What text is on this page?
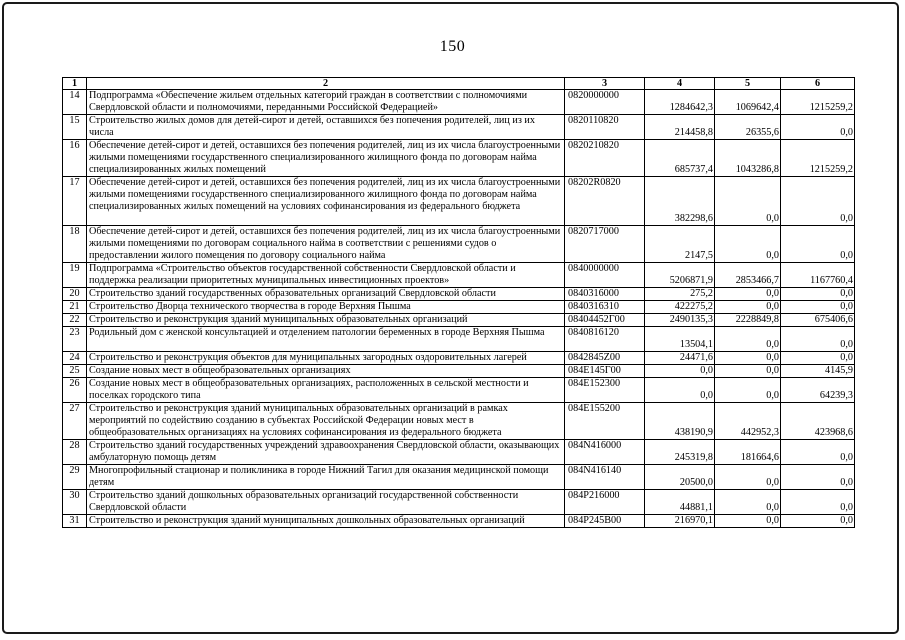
150
1	2	3	4	5	6
14	Подпрограмма «Обеспечение жильем отдельных категорий граждан в соответствии с полномочиями Свердловской области и полномочиями, переданными Российской Федерацией»	0820000000	1284642,3	1069642,4	1215259,2
15	Строительство жилых домов для детей-сирот и детей, оставшихся без попечения родителей, лиц из их числа	0820110820	214458,8	26355,6	0,0
16	Обеспечение детей-сирот и детей, оставшихся без попечения родителей, лиц из их числа благоустроенными жилыми помещениями государственного специализированного жилищного фонда по договорам найма специализированных жилых помещений	0820210820	685737,4	1043286,8	1215259,2
17	Обеспечение детей-сирот и детей, оставшихся без попечения родителей, лиц из их числа благоустроенными жилыми помещениями государственного специализированного жилищного фонда по договорам найма специализированных жилых помещений на условиях софинансирования из федерального бюджета	08202R0820	382298,6	0,0	0,0
18	Обеспечение детей-сирот и детей, оставшихся без попечения родителей, лиц из их числа благоустроенными жилыми помещениями по договорам социального найма в соответствии с решениями судов о предоставлении жилого помещения по договору социального найма	0820717000	2147,5	0,0	0,0
19	Подпрограмма «Строительство объектов государственной собственности Свердловской области и поддержка реализации приоритетных муниципальных инвестиционных проектов»	0840000000	5206871,9	2853466,7	1167760,4
20	Строительство зданий государственных образовательных организаций Свердловской области	0840316000	275,2	0,0	0,0
21	Строительство Дворца технического творчества в городе Верхняя Пышма	0840316310	422275,2	0,0	0,0
22	Строительство и реконструкция зданий муниципальных образовательных организаций	08404452Г00	2490135,3	2228849,8	675406,6
23	Родильный дом с женской консультацией и отделением патологии беременных в городе Верхняя Пышма	0840816120	13504,1	0,0	0,0
24	Строительство и реконструкция объектов для муниципальных загородных оздоровительных лагерей	0842845Z00	24471,6	0,0	0,0
25	Создание новых мест в общеобразовательных организациях	084E145Г00	0,0	0,0	4145,9
26	Создание новых мест в общеобразовательных организациях, расположенных в сельской местности и поселках городского типа	084E152300	0,0	0,0	64239,3
27	Строительство и реконструкция зданий муниципальных образовательных организаций в рамках мероприятий по содействию созданию в субъектах Российской Федерации новых мест в общеобразовательных организациях на условиях софинансирования из федерального бюджета	084E155200	438190,9	442952,3	423968,6
28	Строительство зданий государственных учреждений здравоохранения Свердловской области, оказывающих амбулаторную помощь детям	084N416000	245319,8	181664,6	0,0
29	Многопрофильный стационар и поликлиника в городе Нижний Тагил для оказания медицинской помощи детям	084N416140	20500,0	0,0	0,0
30	Строительство зданий дошкольных образовательных организаций государственной собственности Свердловской области	084P216000	44881,1	0,0	0,0
31	Строительство и реконструкция зданий муниципальных дошкольных образовательных организаций	084P245В00	216970,1	0,0	0,0
